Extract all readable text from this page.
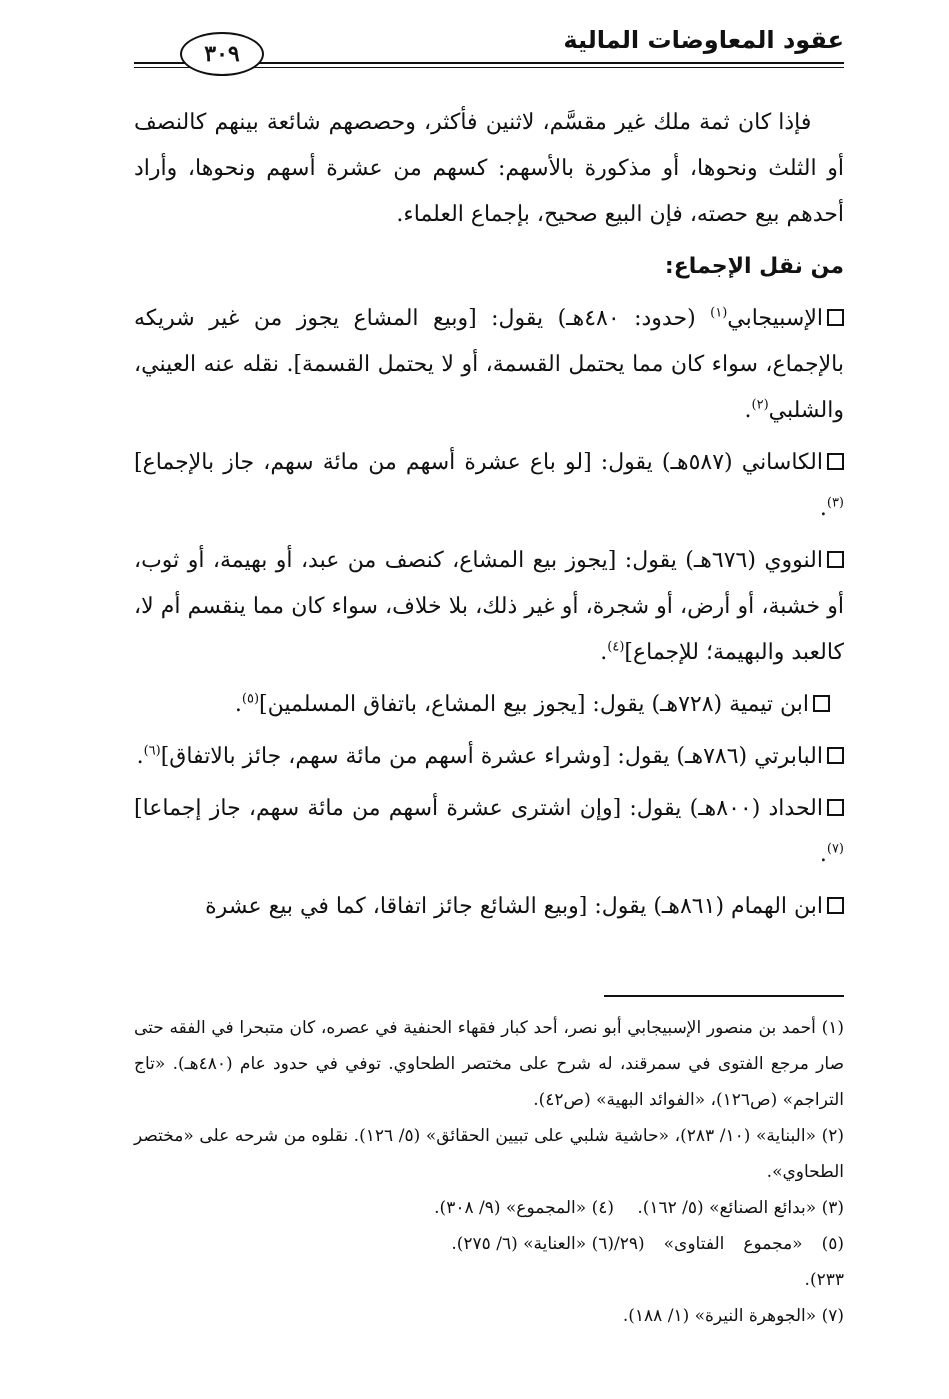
عقود المعاوضات المالية
٣٠٩

فإذا كان ثمة ملك غير مقسَّم، لاثنين فأكثر، وحصصهم شائعة بينهم كالنصف أو الثلث ونحوها، أو مذكورة بالأسهم: كسهم من عشرة أسهم ونحوها، وأراد أحدهم بيع حصته، فإن البيع صحيح، بإجماع العلماء.

من نقل الإجماع:

الإسبيجابي$^{(١)}$ (حدود: ٤٨٠هـ) يقول: [وبيع المشاع يجوز من غير شريكه بالإجماع، سواء كان مما يحتمل القسمة، أو لا يحتمل القسمة]. نقله عنه العيني، والشلبي$^{(٢)}$.

الكاساني (٥٨٧هـ) يقول: [لو باع عشرة أسهم من مائة سهم، جاز بالإجماع]$^{(٣)}$.

النووي (٦٧٦هـ) يقول: [يجوز بيع المشاع، كنصف من عبد، أو بهيمة، أو ثوب، أو خشبة، أو أرض، أو شجرة، أو غير ذلك، بلا خلاف، سواء كان مما ينقسم أم لا، كالعبد والبهيمة؛ للإجماع]$^{(٤)}$.

ابن تيمية (٧٢٨هـ) يقول: [يجوز بيع المشاع، باتفاق المسلمين]$^{(٥)}$.

البابرتي (٧٨٦هـ) يقول: [وشراء عشرة أسهم من مائة سهم، جائز بالاتفاق]$^{(٦)}$.

الحداد (٨٠٠هـ) يقول: [وإن اشترى عشرة أسهم من مائة سهم، جاز إجماعا]$^{(٧)}$.

ابن الهمام (٨٦١هـ) يقول: [وبيع الشائع جائز اتفاقا، كما في بيع عشرة

(١) أحمد بن منصور الإسبيجابي أبو نصر، أحد كبار فقهاء الحنفية في عصره، كان متبحرا في الفقه حتى صار مرجع الفتوى في سمرقند، له شرح على مختصر الطحاوي. توفي في حدود عام (٤٨٠هـ). «تاج التراجم» (ص١٢٦)، «الفوائد البهية» (ص٤٢).

(٢) «البناية» (١٠/ ٢٨٣)، «حاشية شلبي على تبيين الحقائق» (٥/ ١٢٦). نقلوه من شرحه على «مختصر الطحاوي».

(٣) «بدائع الصنائع» (٥/ ١٦٢).
(٤) «المجموع» (٩/ ٣٠٨).
(٥) «مجموع الفتاوى» (٢٩/ ٢٣٣).
(٦) «العناية» (٦/ ٢٧٥).

(٧) «الجوهرة النيرة» (١/ ١٨٨).
